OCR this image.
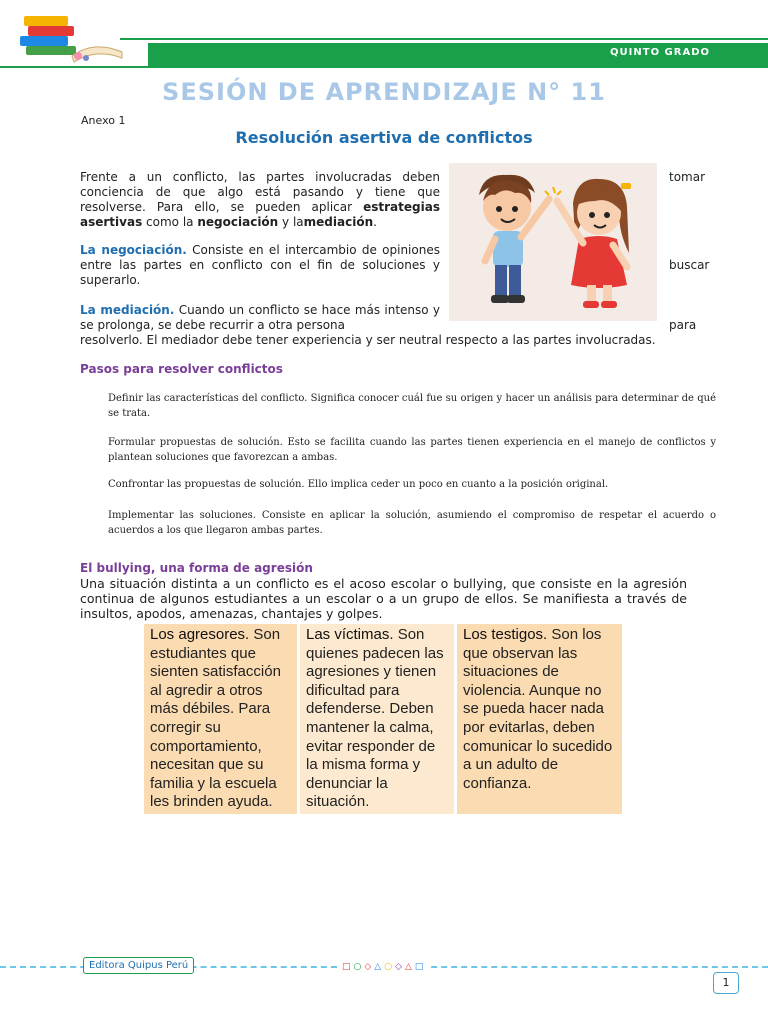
QUINTO GRADO
SESIÓN DE APRENDIZAJE N° 11
Anexo 1
Resolución asertiva de conflictos
Frente a un conflicto, las partes involucradas deben conciencia de que algo está pasando y tiene que resolverse. Para ello, se pueden aplicar estrategias asertivas como la negociación y lamediación.
tomar
La negociación. Consiste en el intercambio de opiniones entre las partes en conflicto con el fin de soluciones y superarlo.
buscar
La mediación. Cuando un conflicto se hace más intenso y se prolonga, se debe recurrir a otra persona	para
resolverlo. El mediador debe tener experiencia y ser neutral respecto a las partes involucradas.
Pasos para resolver conflictos
Definir las características del conflicto. Significa conocer cuál fue su origen y hacer un análisis para determinar de qué se trata.
Formular propuestas de solución. Esto se facilita cuando las partes tienen experiencia en el manejo de conflictos y plantean soluciones que favorezcan a ambas.
Confrontar las propuestas de solución. Ello implica ceder un poco en cuanto a la posición original.
Implementar las soluciones. Consiste en aplicar la solución, asumiendo el compromiso de respetar el acuerdo o acuerdos a los que llegaron ambas partes.
El bullying, una forma de agresión
Una situación distinta a un conflicto es el acoso escolar o bullying, que consiste en la agresión continua de algunos estudiantes a un escolar o a un grupo de ellos. Se manifiesta a través de insultos, apodos, amenazas, chantajes y golpes.
Los agresores. Son estudiantes que sienten satisfacción al agredir a otros más débiles. Para corregir su comportamiento, necesitan que su familia y la escuela les brinden ayuda.
Las víctimas. Son quienes padecen las agresiones y tienen dificultad para defenderse. Deben mantener la calma, evitar responder de la misma forma y denunciar la situación.
Los testigos. Son los que observan las situaciones de violencia. Aunque no se pueda hacer nada por evitarlas, deben comunicar lo sucedido a un adulto de confianza.
Editora Quipus Perú	□○◇△○◇△□
1
